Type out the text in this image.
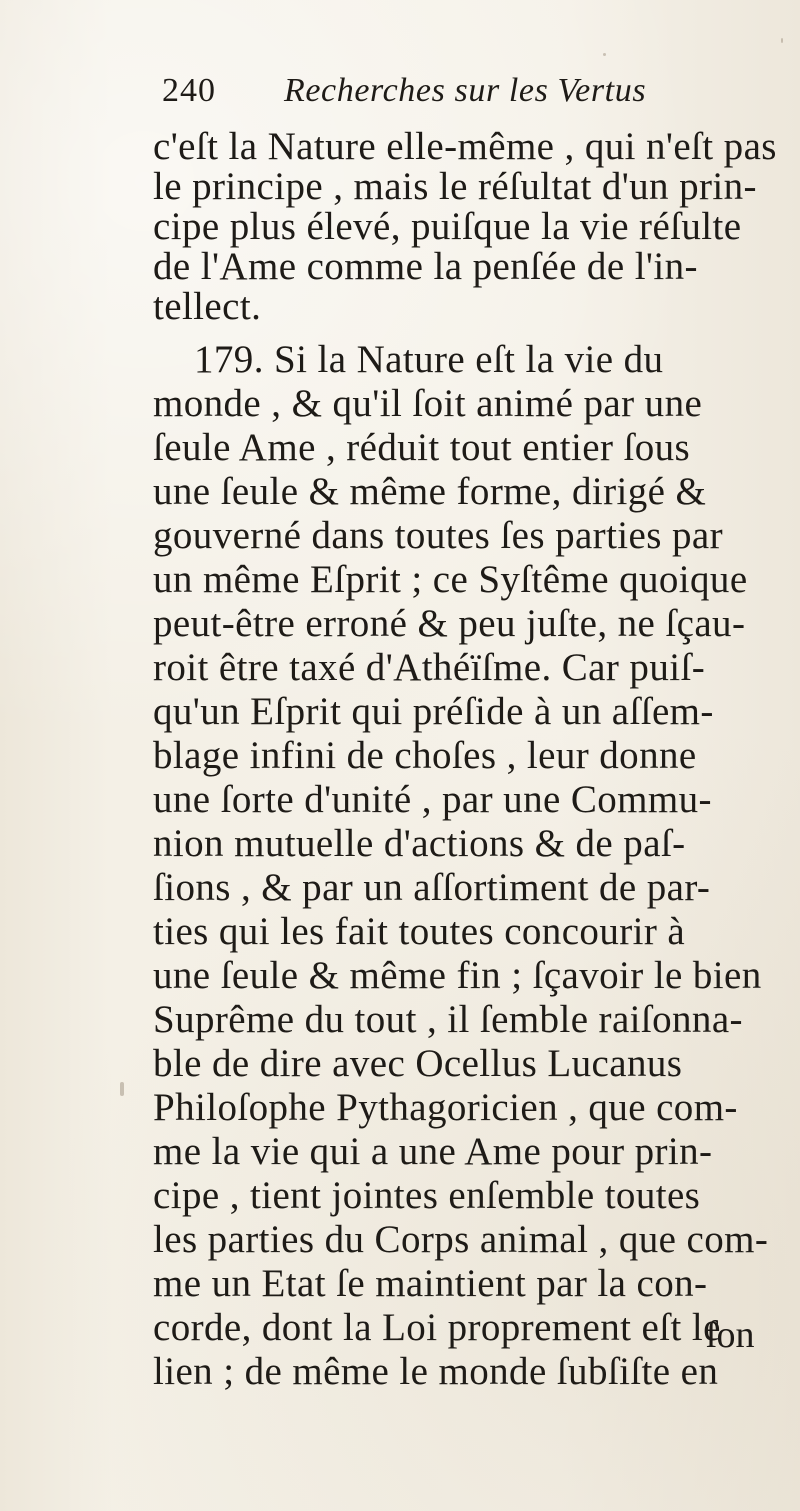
240 Recherches sur les Vertus
c'eſt la Nature elle-même , qui n'eſt pas
le principe , mais le réſultat d'un prin-
cipe plus élevé, puiſque la vie réſulte
de l'Ame comme la penſée de l'in-
tellect.
179. Si la Nature eſt la vie du
monde , & qu'il ſoit animé par une
ſeule Ame , réduit tout entier ſous
une ſeule & même forme, dirigé &
gouverné dans toutes ſes parties par
un même Eſprit ; ce Syſtême quoique
peut-être erroné & peu juſte, ne ſçau-
roit être taxé d'Athéïſme. Car puiſ-
qu'un Eſprit qui préſide à un aſſem-
blage infini de choſes , leur donne
une ſorte d'unité , par une Commu-
nion mutuelle d'actions & de paſ-
ſions , & par un aſſortiment de par-
ties qui les fait toutes concourir à
une ſeule & même fin ; ſçavoir le bien
Suprême du tout , il ſemble raiſonna-
ble de dire avec Ocellus Lucanus
Philoſophe Pythagoricien , que com-
me la vie qui a une Ame pour prin-
cipe , tient jointes enſemble toutes
les parties du Corps animal , que com-
me un Etat ſe maintient par la con-
corde, dont la Loi proprement eſt le
lien ; de même le monde ſubſiſte en
ſon
